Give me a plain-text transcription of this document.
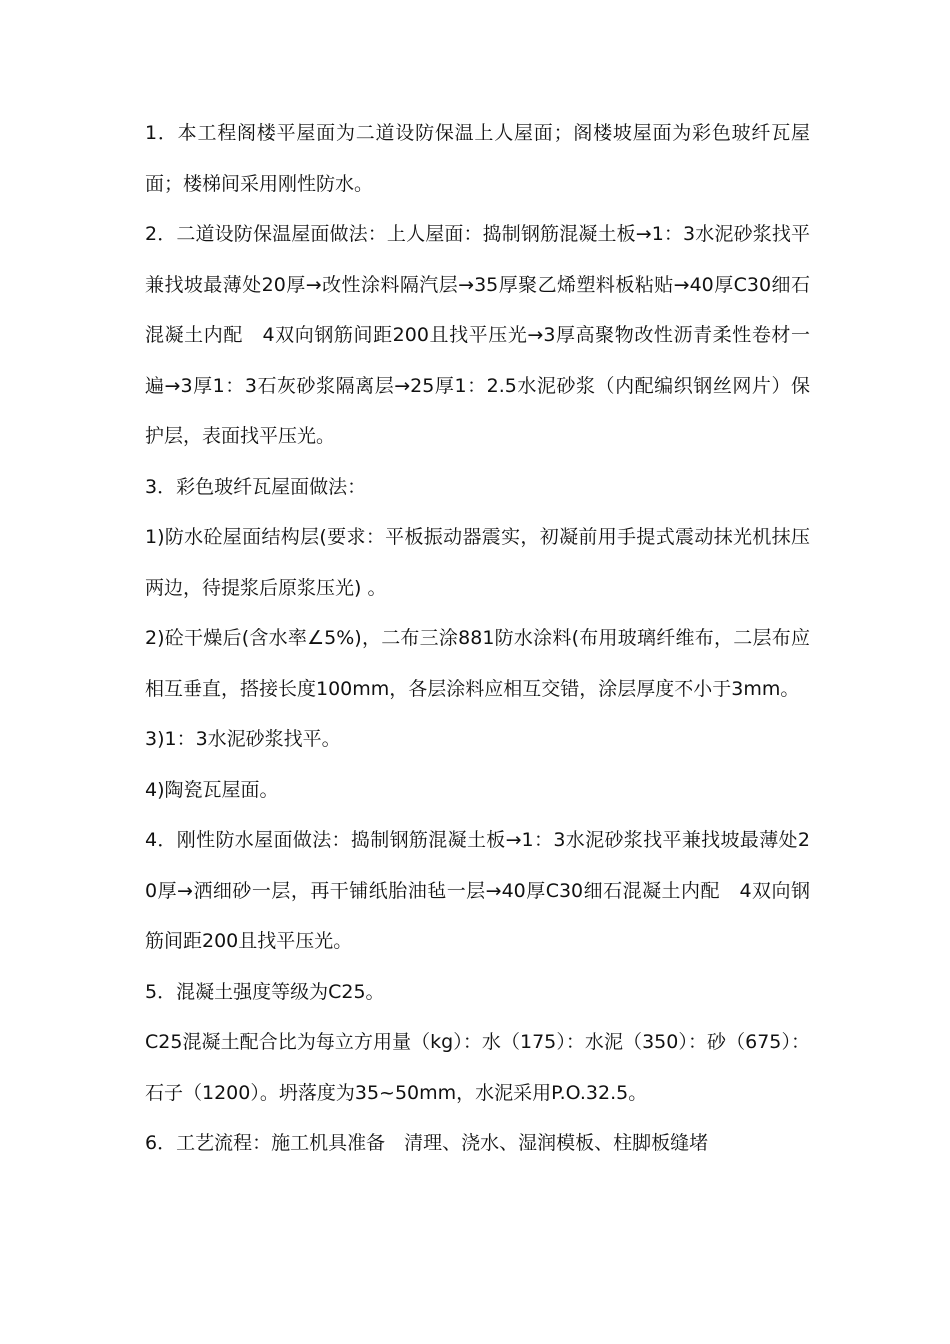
1．本工程阁楼平屋面为二道设防保温上人屋面；阁楼坡屋面为彩色玻纤瓦屋面；楼梯间采用刚性防水。

2．二道设防保温屋面做法：上人屋面：捣制钢筋混凝土板→1：3水泥砂浆找平兼找坡最薄处20厚→改性涂料隔汽层→35厚聚乙烯塑料板粘贴→40厚C30细石混凝土内配　4双向钢筋间距200且找平压光→3厚高聚物改性沥青柔性卷材一遍→3厚1：3石灰砂浆隔离层→25厚1：2.5水泥砂浆（内配编织钢丝网片）保护层，表面找平压光。

3．彩色玻纤瓦屋面做法：

1)防水砼屋面结构层(要求：平板振动器震实，初凝前用手提式震动抹光机抹压两边，待提浆后原浆压光) 。

2)砼干燥后(含水率∠5%)，二布三涂881防水涂料(布用玻璃纤维布，二层布应相互垂直，搭接长度100mm，各层涂料应相互交错，涂层厚度不小于3mm。

3)1：3水泥砂浆找平。

4)陶瓷瓦屋面。

4．刚性防水屋面做法：捣制钢筋混凝土板→1：3水泥砂浆找平兼找坡最薄处20厚→洒细砂一层，再干铺纸胎油毡一层→40厚C30细石混凝土内配　4双向钢筋间距200且找平压光。

5．混凝土强度等级为C25。

C25混凝土配合比为每立方用量（kg）：水（175）：水泥（350）：砂（675）：石子（1200）。坍落度为35~50mm，水泥采用P.O.32.5。

6．工艺流程：施工机具准备　清理、浇水、湿润模板、柱脚板缝堵
